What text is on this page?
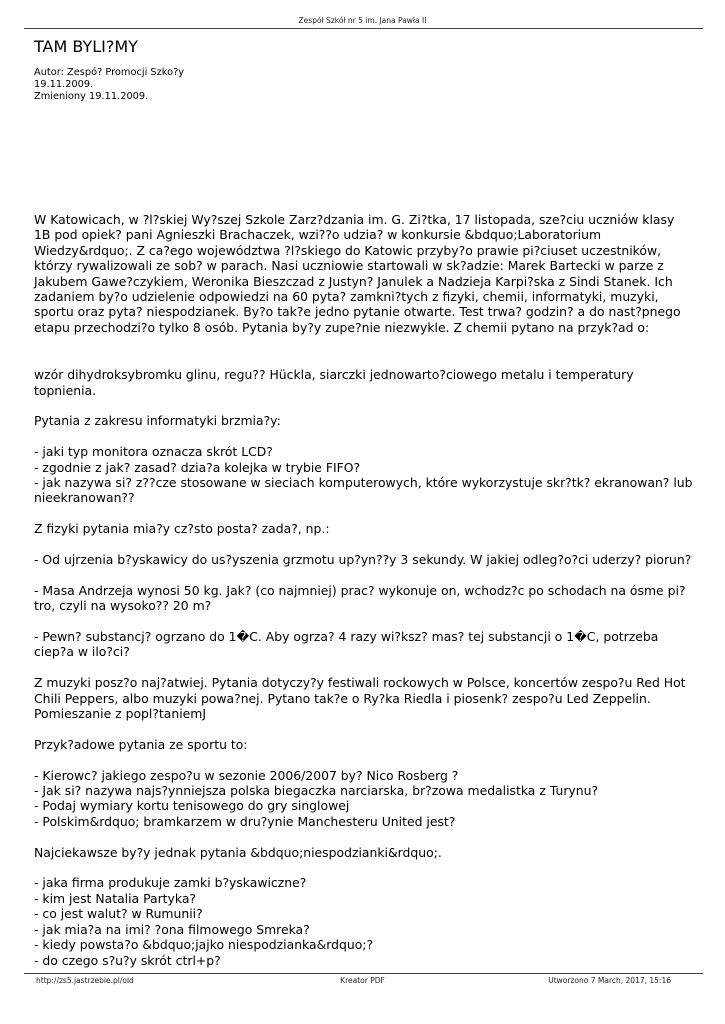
Zespół Szkół nr 5 im. Jana Pawła II
TAM BYLI?MY
Autor: Zespó? Promocji Szko?y
19.11.2009.
Zmieniony 19.11.2009.

W Katowicach, w ?l?skiej Wy?szej Szkole Zarz?dzania im. G. Zi?tka, 17 listopada, sze?ciu uczniów klasy 1B pod opiek? pani Agnieszki Brachaczek, wzi??o udzia? w konkursie &bdquo;Laboratorium Wiedzy&rdquo;. Z ca?ego województwa ?l?skiego do Katowic przyby?o prawie pi?ciuset uczestników, którzy rywalizowali ze sob? w parach. Nasi uczniowie startowali w sk?adzie: Marek Bartecki w parze z Jakubem Gawe?czykiem, Weronika Bieszczad z Justyn? Janulek a Nadzieja Karpi?ska z Sindi Stanek. Ich zadaniem by?o udzielenie odpowiedzi na 60 pyta? zamkni?tych z fizyki, chemii, informatyki, muzyki, sportu oraz pyta? niespodzianek. By?o tak?e jedno pytanie otwarte. Test trwa? godzin? a do nast?pnego etapu przechodzi?o tylko 8 osób. Pytania by?y zupe?nie niezwykle. Z chemii pytano na przyk?ad o:

wzór dihydroksybromku glinu, regu?? Hückla, siarczki jednowarto?ciowego metalu i temperatury topnienia.

Pytania z zakresu informatyki brzmia?y:

- jaki typ monitora oznacza skrót LCD?
- zgodnie z jak? zasad? dzia?a kolejka w trybie FIFO?
- jak nazywa si? z??cze stosowane w sieciach komputerowych, które wykorzystuje skr?tk? ekranowan? lub nieekranowan??

Z fizyki pytania mia?y cz?sto posta? zada?, np.:

- Od ujrzenia b?yskawicy do us?yszenia grzmotu up?yn??y 3 sekundy. W jakiej odleg?o?ci uderzy? piorun?

- Masa Andrzeja wynosi 50 kg. Jak? (co najmniej) prac? wykonuje on, wchodz?c po schodach na ósme pi?tro, czyli na wysoko?? 20 m?

- Pewn? substancj? ogrzano do 1�C. Aby ogrza? 4 razy wi?ksz? mas? tej substancji o 1�C, potrzeba ciep?a w ilo?ci?

Z muzyki posz?o naj?atwiej. Pytania dotyczy?y festiwali rockowych w Polsce, koncertów zespo?u Red Hot Chili Peppers, albo muzyki powa?nej. Pytano tak?e o Ry?ka Riedla i piosenk? zespo?u Led Zeppelin. Pomieszanie z popl?taniemJ

Przyk?adowe pytania ze sportu to:

- Kierowc? jakiego zespo?u w sezonie 2006/2007 by? Nico Rosberg ?
- Jak si? nazywa najs?ynniejsza polska biegaczka narciarska, br?zowa medalistka z Turynu?
- Podaj wymiary kortu tenisowego do gry singlowej
- Polskim&rdquo; bramkarzem w dru?ynie Manchesteru United jest?

Najciekawsze by?y jednak pytania &bdquo;niespodzianki&rdquo;.

- jaka firma produkuje zamki b?yskawiczne?
- kim jest Natalia Partyka?
- co jest walut? w Rumunii?
- jak mia?a na imi? ?ona filmowego Smreka?
- kiedy powsta?o &bdquo;jajko niespodzianka&rdquo;?
- do czego s?u?y skrót ctrl+p?
http://zs5.jastrzebie.pl/old	Kreator PDF	Utworzono 7 March, 2017, 15:16
